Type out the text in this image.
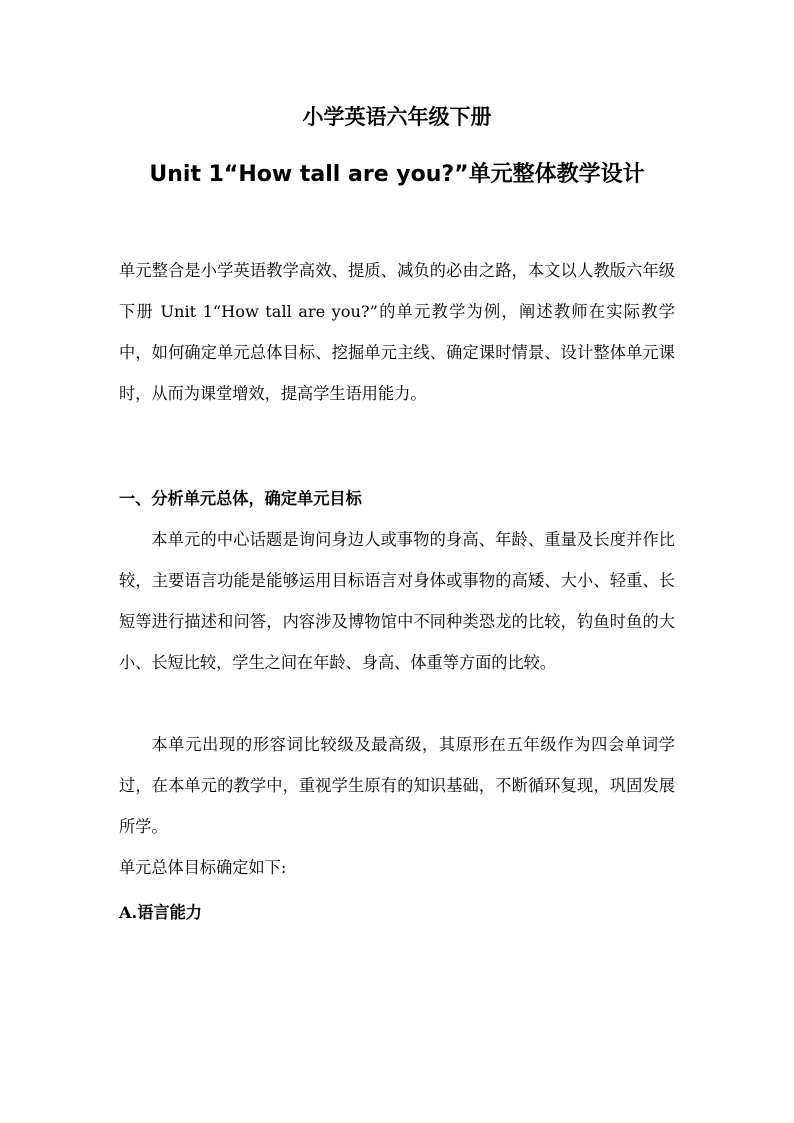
小学英语六年级下册
Unit 1“How tall are you?”单元整体教学设计
单元整合是小学英语教学高效、提质、减负的必由之路，本文以人教版六年级下册 Unit 1“How tall are you?”的单元教学为例，阐述教师在实际教学中，如何确定单元总体目标、挖掘单元主线、确定课时情景、设计整体单元课时，从而为课堂增效，提高学生语用能力。
一、分析单元总体，确定单元目标
本单元的中心话题是询问身边人或事物的身高、年龄、重量及长度并作比较，主要语言功能是能够运用目标语言对身体或事物的高矮、大小、轻重、长短等进行描述和问答，内容涉及博物馆中不同种类恐龙的比较，钓鱼时鱼的大小、长短比较，学生之间在年龄、身高、体重等方面的比较。
本单元出现的形容词比较级及最高级，其原形在五年级作为四会单词学过，在本单元的教学中，重视学生原有的知识基础，不断循环复现，巩固发展所学。
单元总体目标确定如下:
A.语言能力
